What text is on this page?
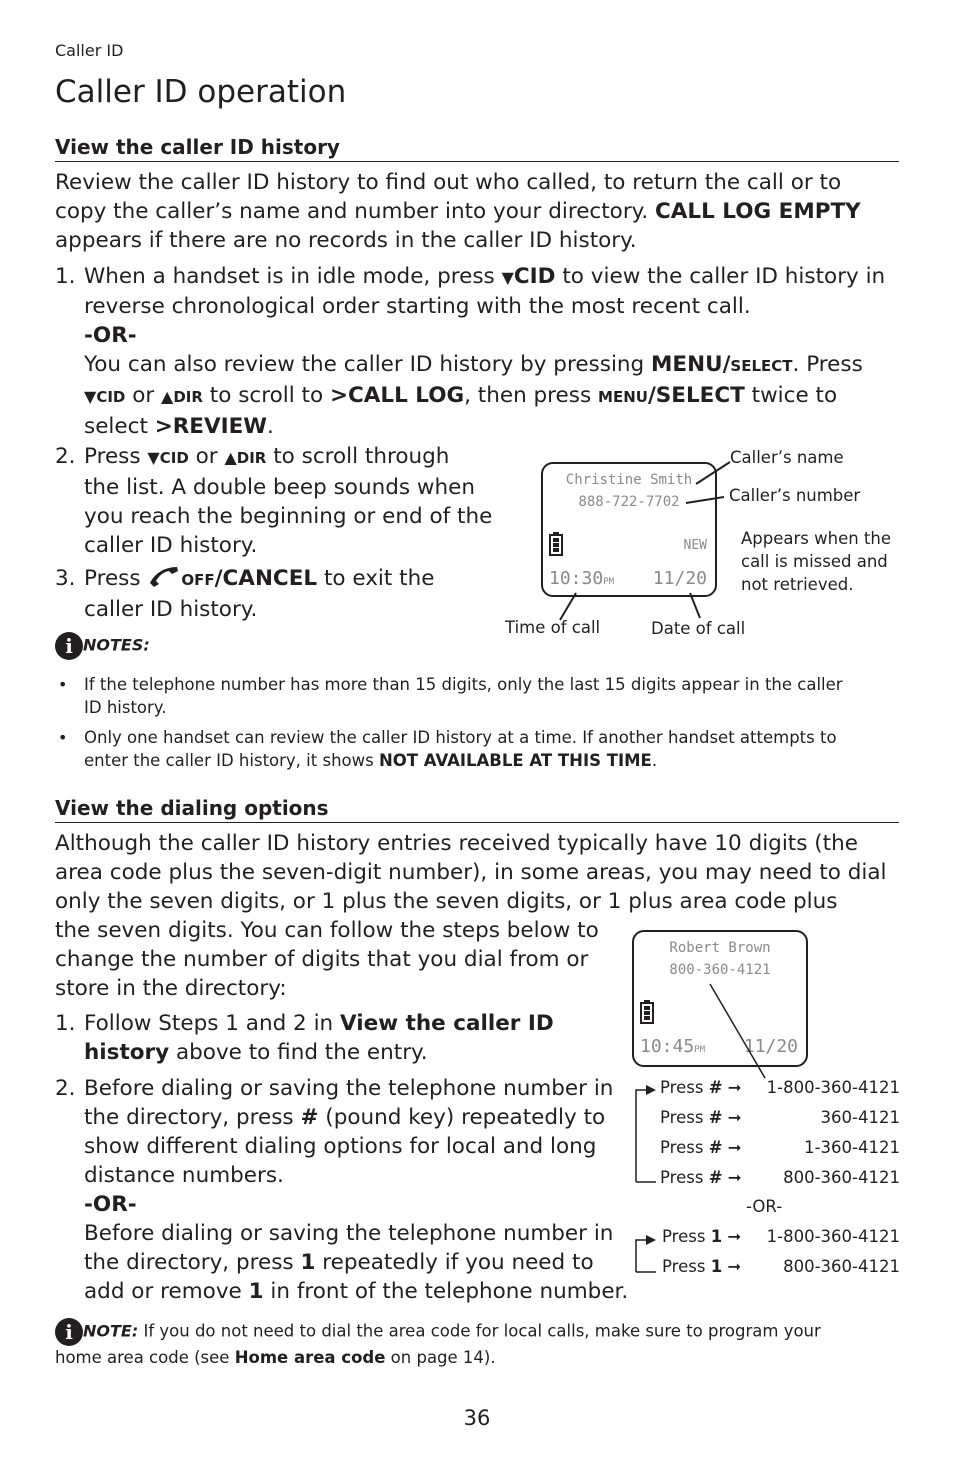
Caller ID
Caller ID operation
View the caller ID history
Review the caller ID history to find out who called, to return the call or to
copy the caller’s name and number into your directory. CALL LOG EMPTY
appears if there are no records in the caller ID history.
1. When a handset is in idle mode, press ▼CID to view the caller ID history in
reverse chronological order starting with the most recent call.
-OR-
You can also review the caller ID history by pressing MENU/SELECT. Press
▼CID or ▲DIR to scroll to >CALL LOG, then press MENU/SELECT twice to
select >REVIEW.
2. Press ▼CID or ▲DIR to scroll through
the list. A double beep sounds when
you reach the beginning or end of the
caller ID history.
3. Press OFF/CANCEL to exit the
caller ID history.
Christine Smith
888-722-7702
NEW
10:30PM 11/20
Caller’s name
Caller’s number
Appears when the
call is missed and
not retrieved.
Time of call	Date of call
i NOTES:
• If the telephone number has more than 15 digits, only the last 15 digits appear in the caller
ID history.
• Only one handset can review the caller ID history at a time. If another handset attempts to
enter the caller ID history, it shows NOT AVAILABLE AT THIS TIME.
View the dialing options
Although the caller ID history entries received typically have 10 digits (the
area code plus the seven-digit number), in some areas, you may need to dial
only the seven digits, or 1 plus the seven digits, or 1 plus area code plus
the seven digits. You can follow the steps below to
change the number of digits that you dial from or
store in the directory:
1. Follow Steps 1 and 2 in View the caller ID
history above to find the entry.
2. Before dialing or saving the telephone number in
the directory, press # (pound key) repeatedly to
show different dialing options for local and long
distance numbers.
-OR-
Before dialing or saving the telephone number in
the directory, press 1 repeatedly if you need to
add or remove 1 in front of the telephone number.
Robert Brown
800-360-4121
10:45PM 11/20
Press # ➞ 1-800-360-4121
Press # ➞	360-4121
Press # ➞	1-360-4121
Press # ➞	800-360-4121
-OR-
Press 1 ➞ 1-800-360-4121
Press 1 ➞	800-360-4121
i NOTE: If you do not need to dial the area code for local calls, make sure to program your
home area code (see Home area code on page 14).
36
